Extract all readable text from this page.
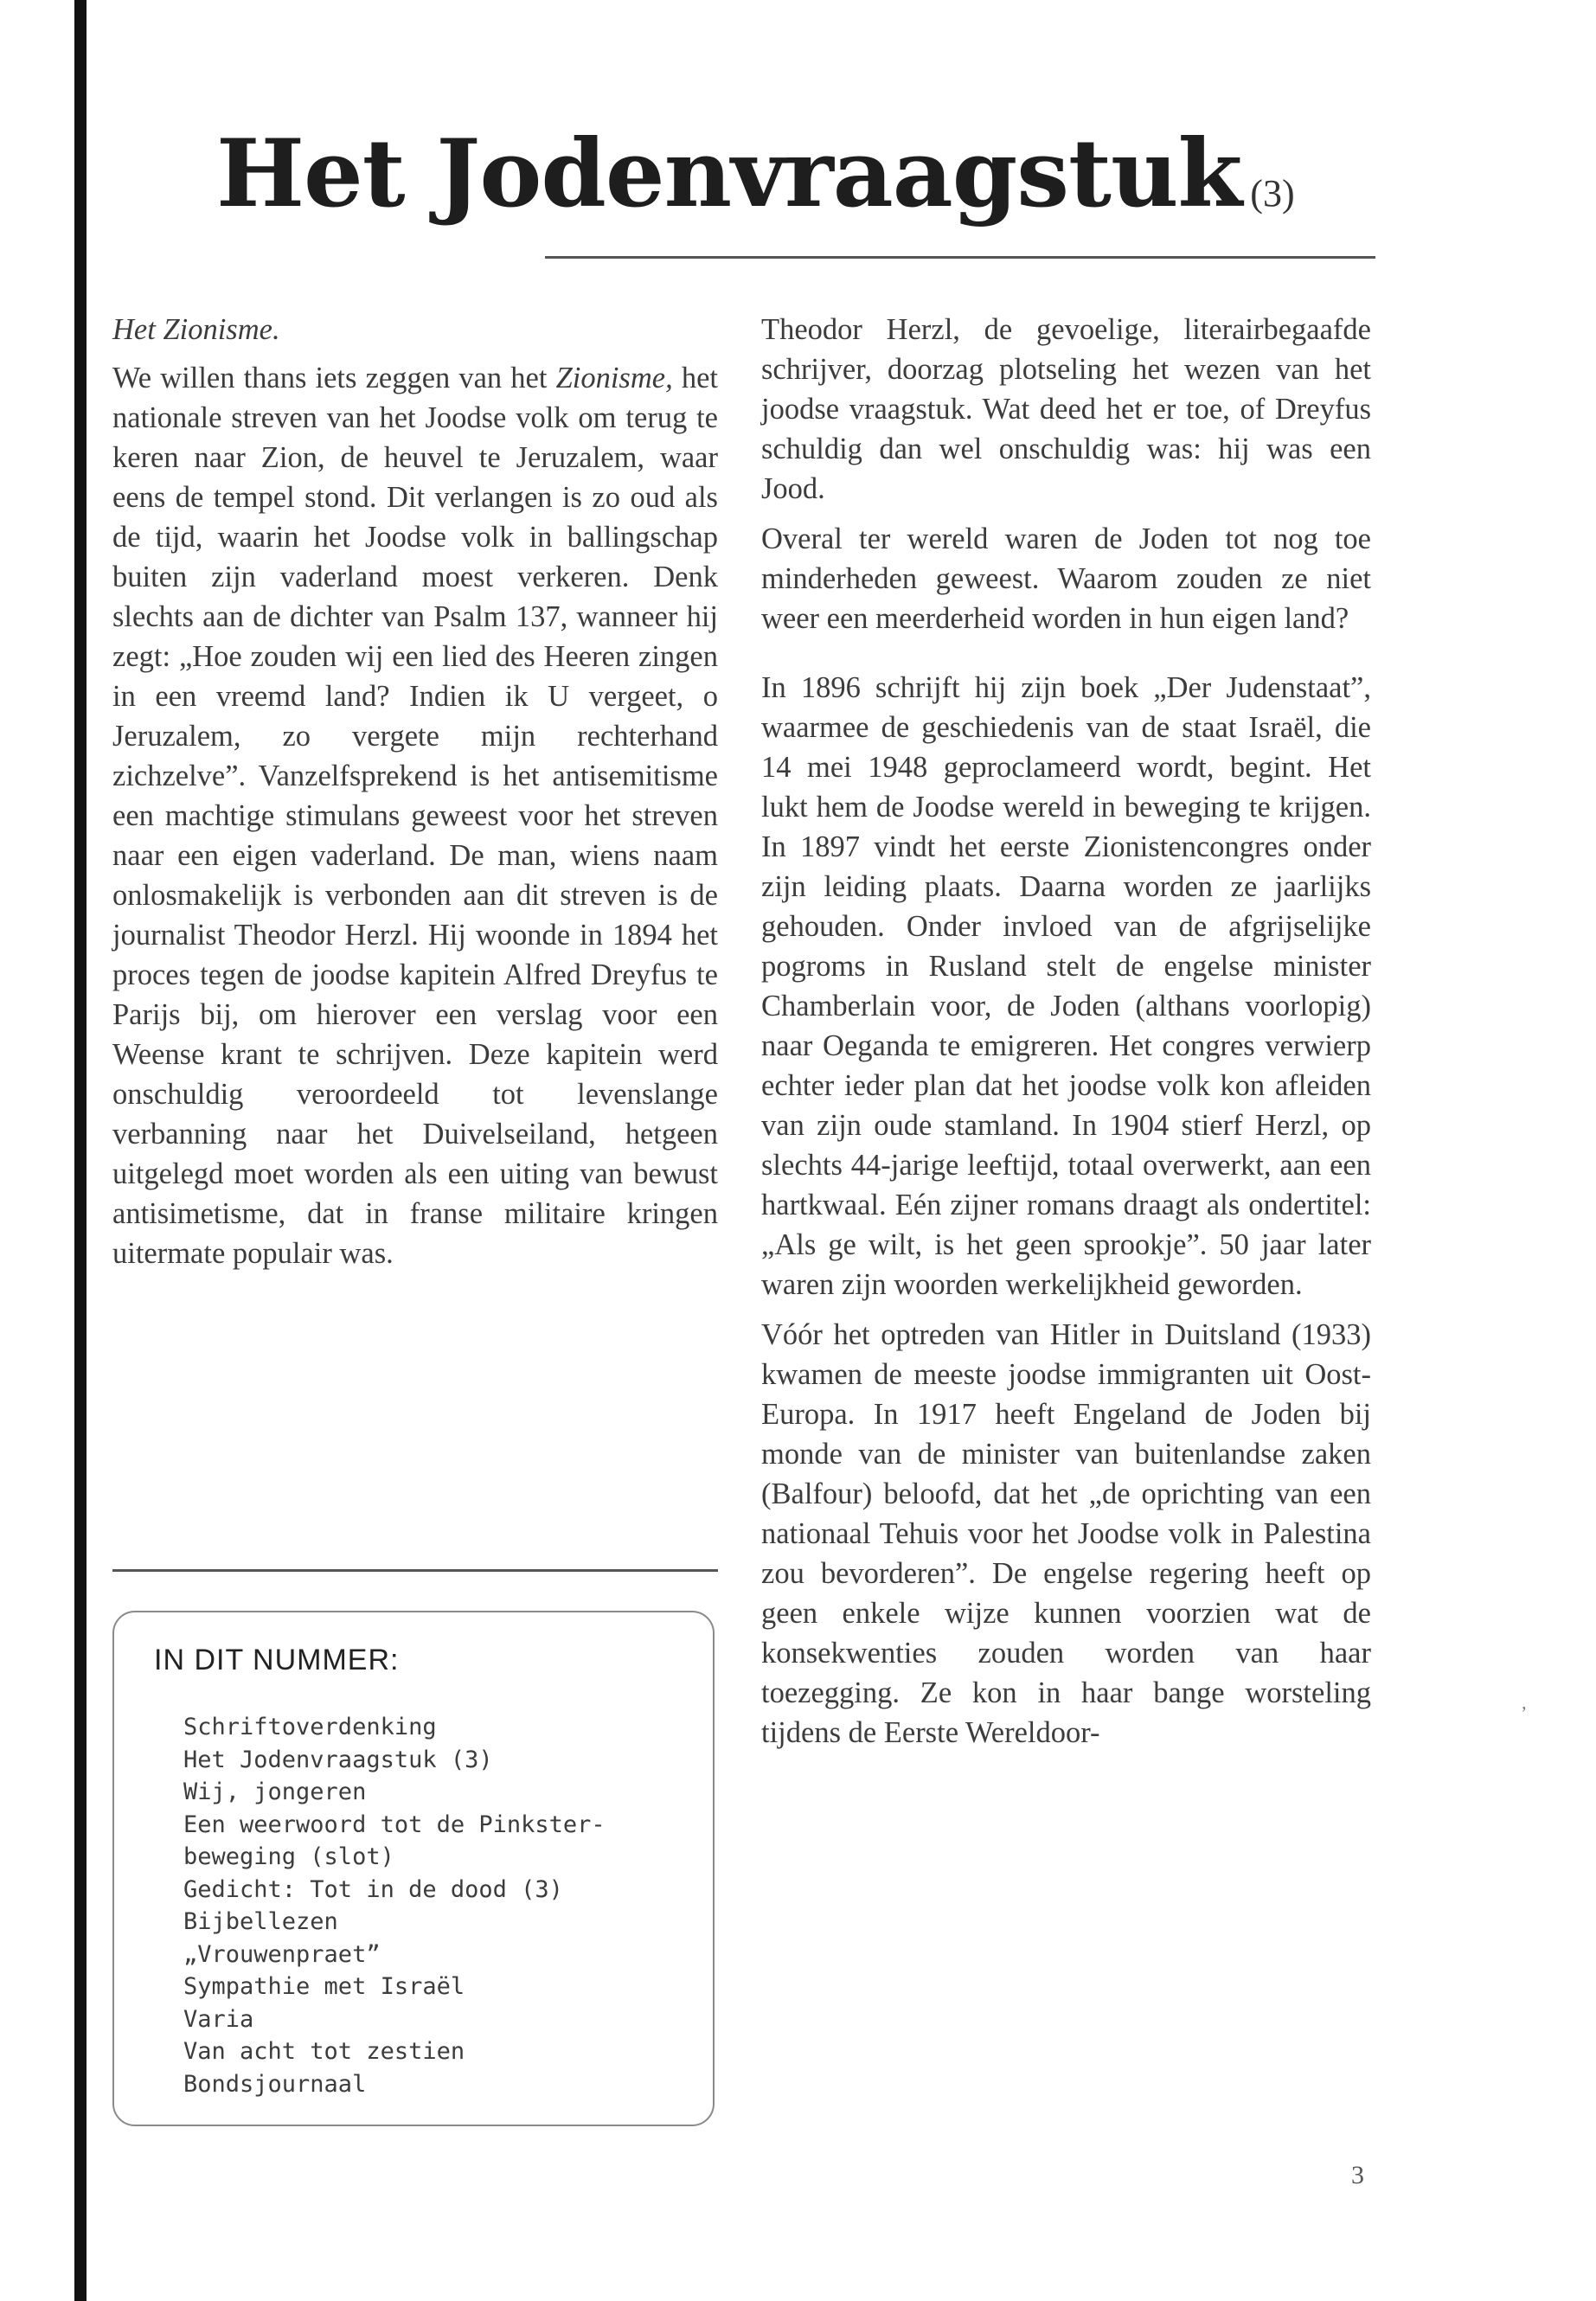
Het Jodenvraagstuk (3)

Het Zionisme.

We willen thans iets zeggen van het Zionisme, het nationale streven van het Joodse volk om terug te keren naar Zion, de heuvel te Jeruzalem, waar eens de tempel stond. Dit verlangen is zo oud als de tijd, waarin het Joodse volk in ballingschap buiten zijn vaderland moest verkeren. Denk slechts aan de dichter van Psalm 137, wanneer hij zegt: „Hoe zouden wij een lied des Heeren zingen in een vreemd land? Indien ik U vergeet, o Jeruzalem, zo vergete mijn rechterhand zichzelve”. Vanzelfsprekend is het antisemitisme een machtige stimulans geweest voor het streven naar een eigen vaderland. De man, wiens naam onlosmakelijk is verbonden aan dit streven is de journalist Theodor Herzl. Hij woonde in 1894 het proces tegen de joodse kapitein Alfred Dreyfus te Parijs bij, om hierover een verslag voor een Weense krant te schrijven. Deze kapitein werd onschuldig veroordeeld tot levenslange verbanning naar het Duivelseiland, hetgeen uitgelegd moet worden als een uiting van bewust antisimetisme, dat in franse militaire kringen uitermate populair was.

IN DIT NUMMER:
Schriftoverdenking
Het Jodenvraagstuk (3)
Wij, jongeren
Een weerwoord tot de Pinkster-
beweging (slot)
Gedicht: Tot in de dood (3)
Bijbellezen
„Vrouwenpraet”
Sympathie met Israël
Varia
Van acht tot zestien
Bondsjournaal

Theodor Herzl, de gevoelige, literairbegaafde schrijver, doorzag plotseling het wezen van het joodse vraagstuk. Wat deed het er toe, of Dreyfus schuldig dan wel onschuldig was: hij was een Jood.

Overal ter wereld waren de Joden tot nog toe minderheden geweest. Waarom zouden ze niet weer een meerderheid worden in hun eigen land?

In 1896 schrijft hij zijn boek „Der Judenstaat”, waarmee de geschiedenis van de staat Israël, die 14 mei 1948 geproclameerd wordt, begint. Het lukt hem de Joodse wereld in beweging te krijgen. In 1897 vindt het eerste Zionistencongres onder zijn leiding plaats. Daarna worden ze jaarlijks gehouden. Onder invloed van de afgrijselijke pogroms in Rusland stelt de engelse minister Chamberlain voor, de Joden (althans voorlopig) naar Oeganda te emigreren. Het congres verwierp echter ieder plan dat het joodse volk kon afleiden van zijn oude stamland. In 1904 stierf Herzl, op slechts 44-jarige leeftijd, totaal overwerkt, aan een hartkwaal. Eén zijner romans draagt als ondertitel: „Als ge wilt, is het geen sprookje”. 50 jaar later waren zijn woorden werkelijkheid geworden.

Vóór het optreden van Hitler in Duitsland (1933) kwamen de meeste joodse immigranten uit Oost-Europa. In 1917 heeft Engeland de Joden bij monde van de minister van buitenlandse zaken (Balfour) beloofd, dat het „de oprichting van een nationaal Tehuis voor het Joodse volk in Palestina zou bevorderen”. De engelse regering heeft op geen enkele wijze kunnen voorzien wat de konsekwenties zouden worden van haar toezegging. Ze kon in haar bange worsteling tijdens de Eerste Wereldoor-

ʼ
3
